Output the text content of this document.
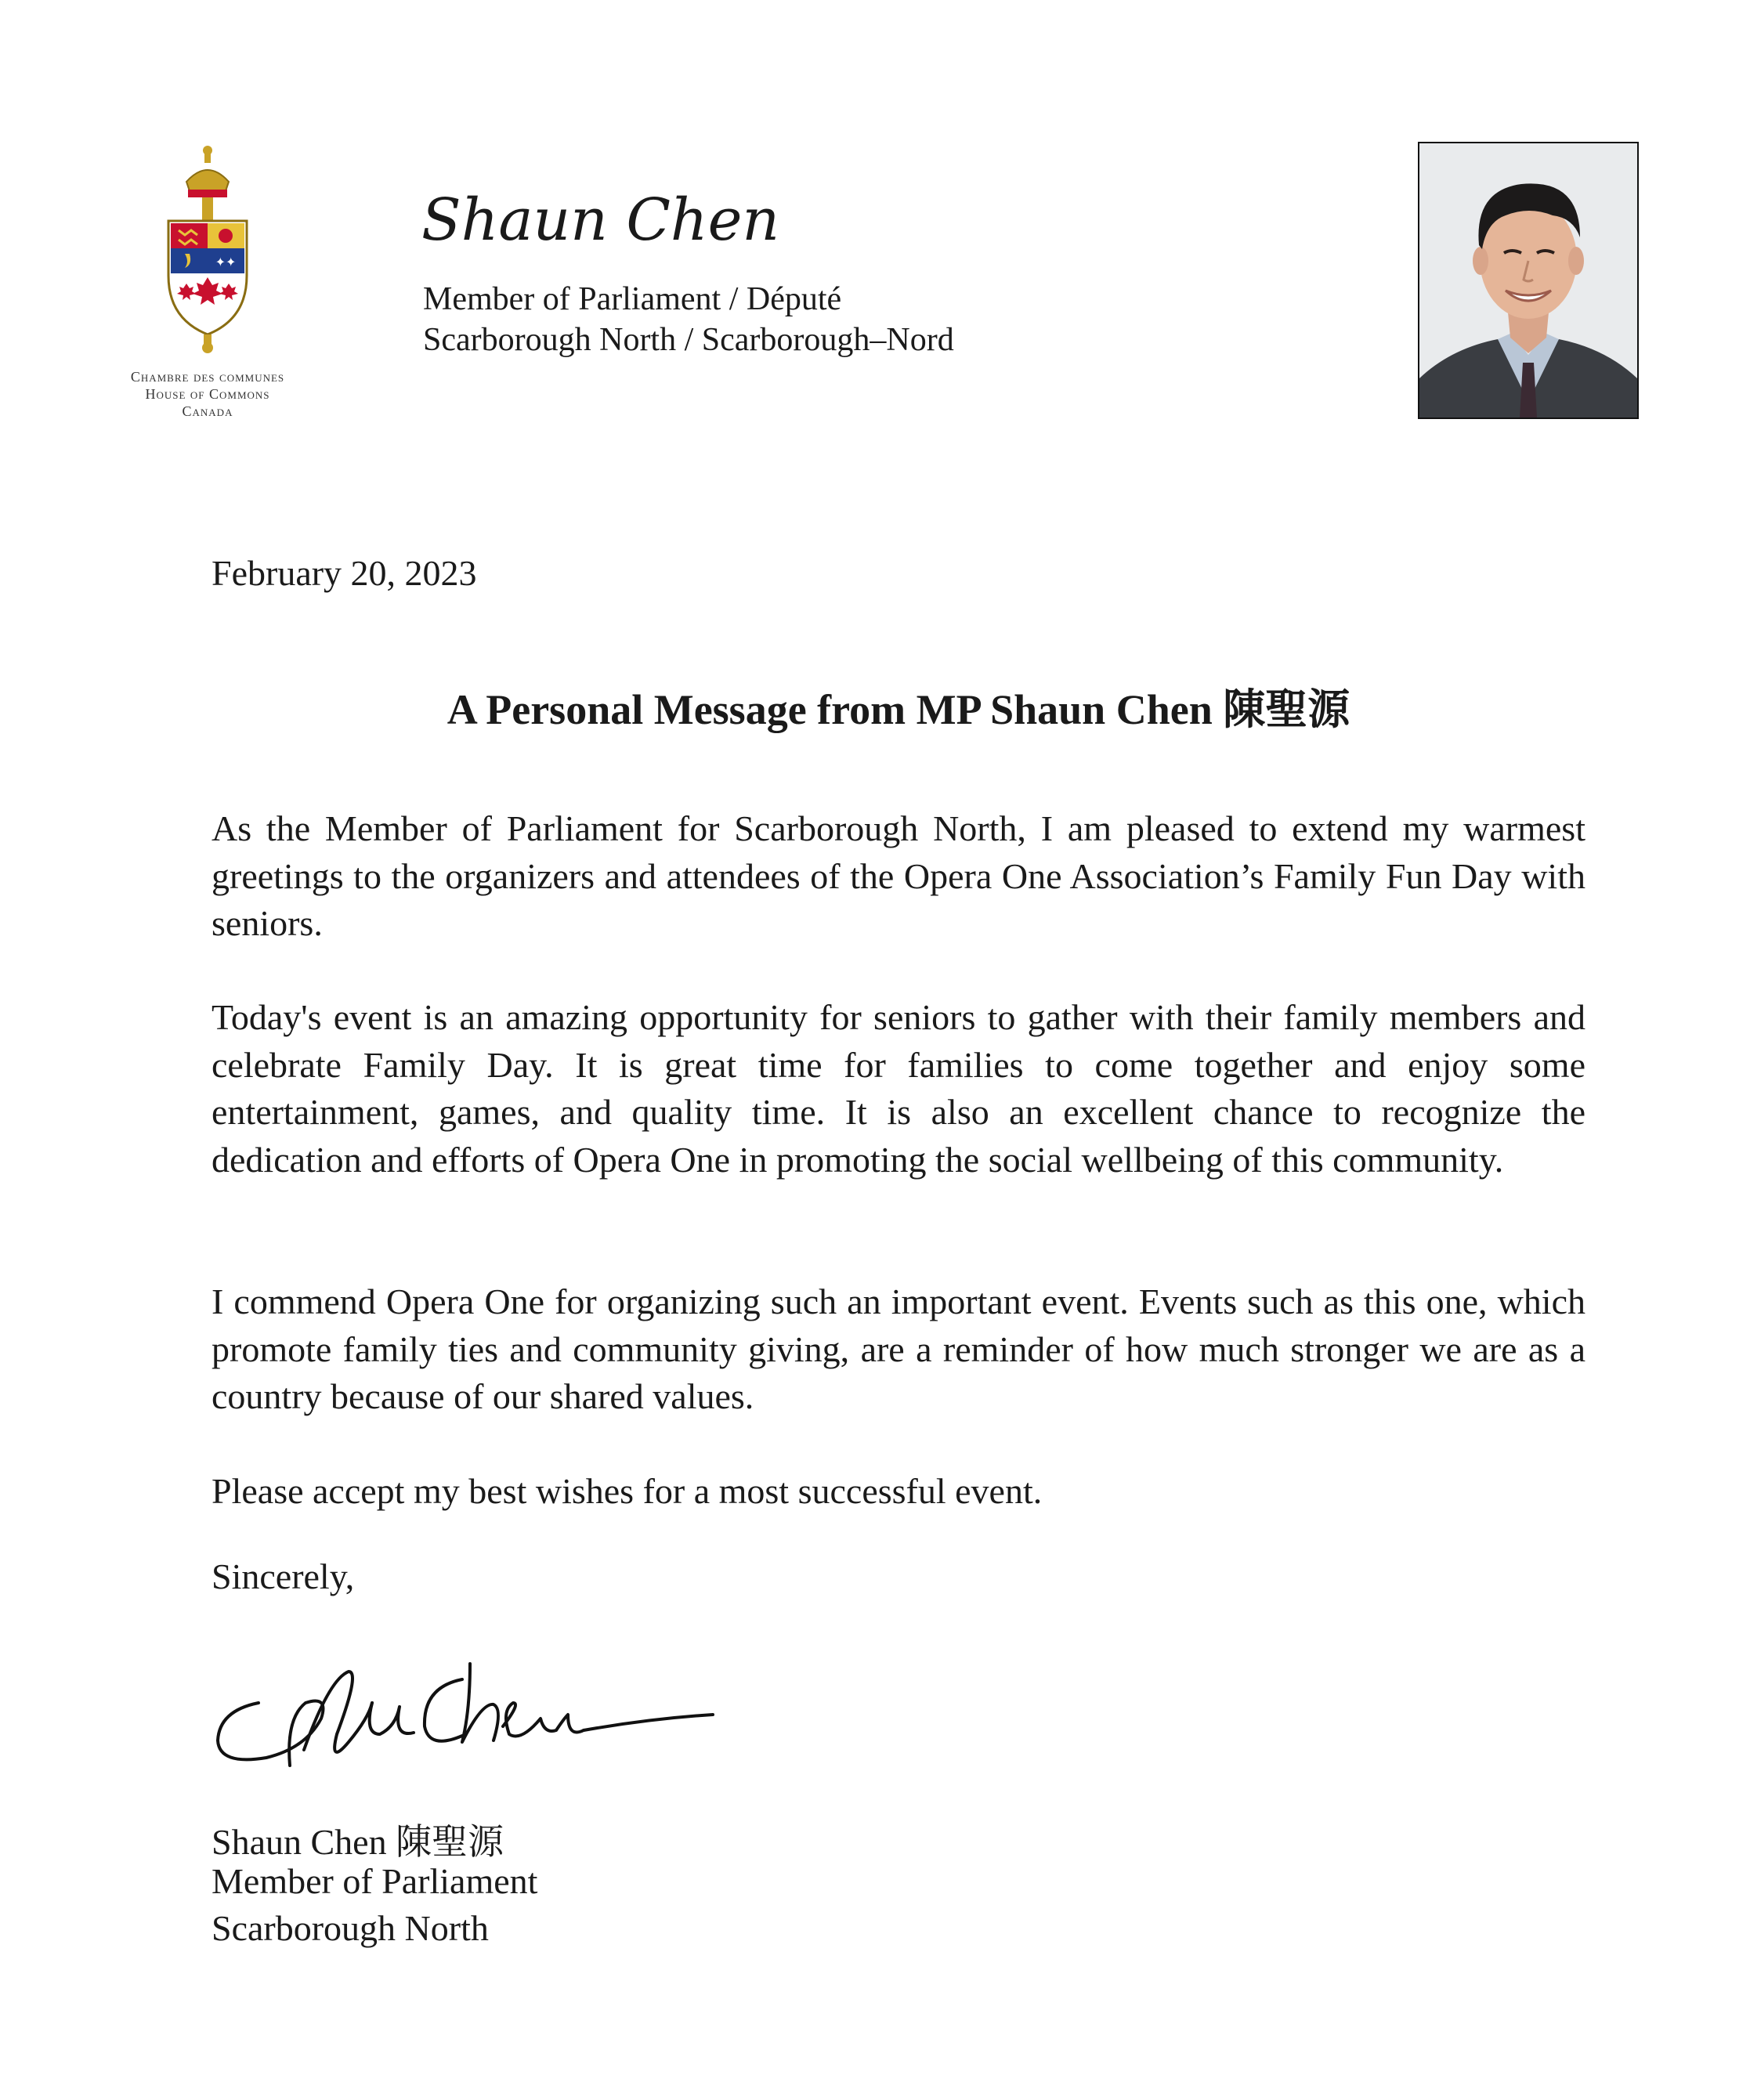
✦✦
Chambre des communes
House of Commons
Canada
Shaun Chen
Member of Parliament / Député
Scarborough North / Scarborough–Nord
February 20, 2023
A Personal Message from MP Shaun Chen 陳聖源

As the Member of Parliament for Scarborough North, I am pleased to extend my warmest greetings to the organizers and attendees of the Opera One Association’s Family Fun Day with seniors.

Today's event is an amazing opportunity for seniors to gather with their family members and celebrate Family Day. It is great time for families to come together and enjoy some entertainment, games, and quality time. It is also an excellent chance to recognize the dedication and efforts of Opera One in promoting the social wellbeing of this community.

I commend Opera One for organizing such an important event. Events such as this one, which promote family ties and community giving, are a reminder of how much stronger we are as a country because of our shared values.

Please accept my best wishes for a most successful event.

Sincerely,
Shaun Chen 陳聖源
Member of Parliament
Scarborough North
